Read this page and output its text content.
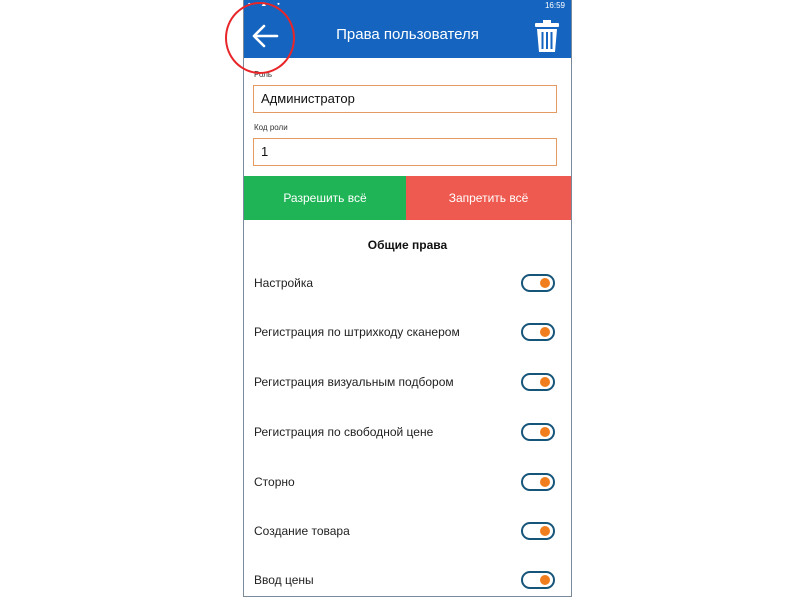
▪ ▲ ▪	16:59
Права пользователя
Роль
Администратор
Код роли
1
Разрешить всё	Запретить всё
Общие права
Настройка
Регистрация по штрихкоду сканером
Регистрация визуальным подбором
Регистрация по свободной цене
Сторно
Создание товара
Ввод цены
